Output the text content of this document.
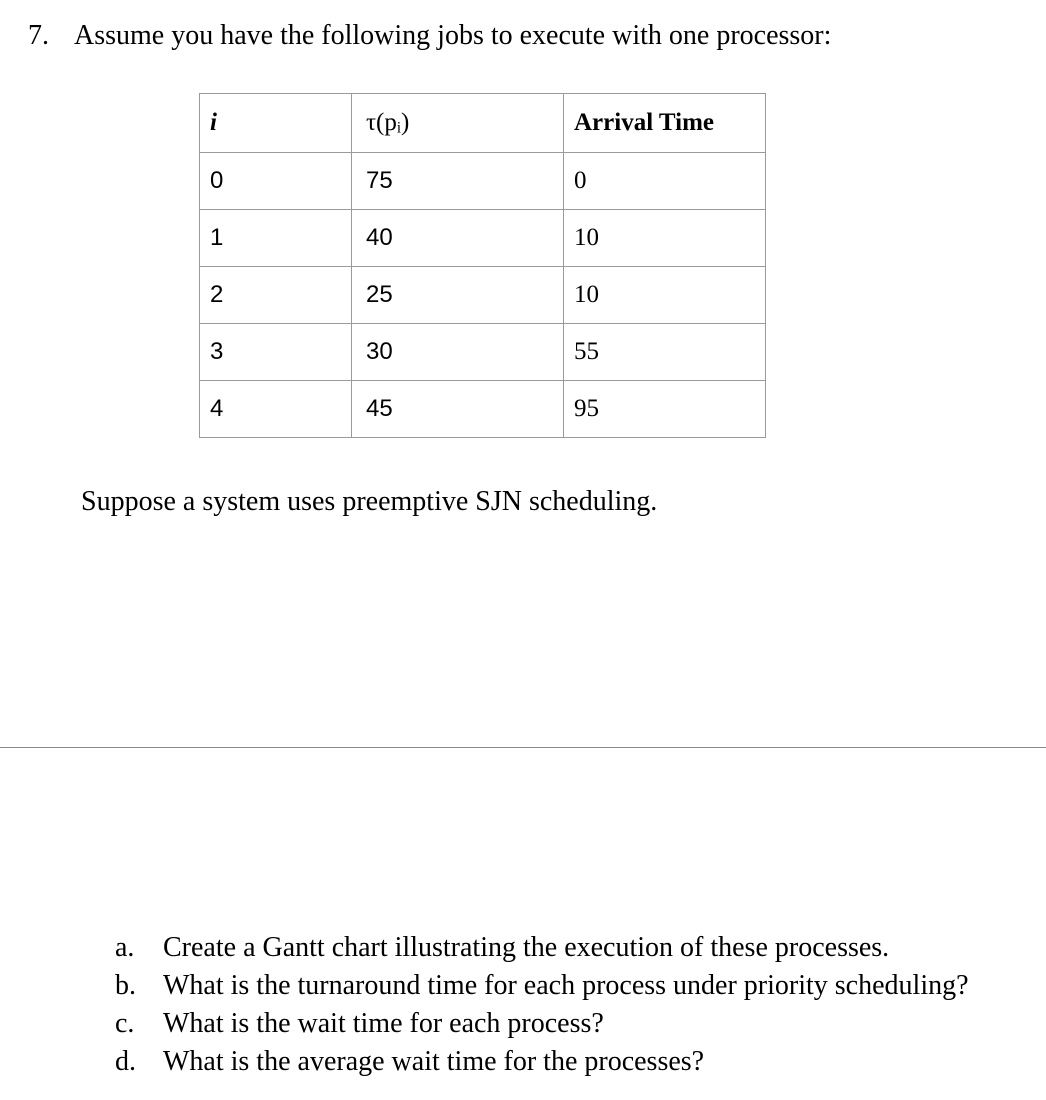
7. Assume you have the following jobs to execute with one processor:
i	τ(pᵢ)	Arrival Time
0	75	0
1	40	10
2	25	10
3	30	55
4	45	95
Suppose a system uses preemptive SJN scheduling.
a.	Create a Gantt chart illustrating the execution of these processes.
b. What is the turnaround time for each process under priority scheduling?
c.	What is the wait time for each process?
d. What is the average wait time for the processes?
